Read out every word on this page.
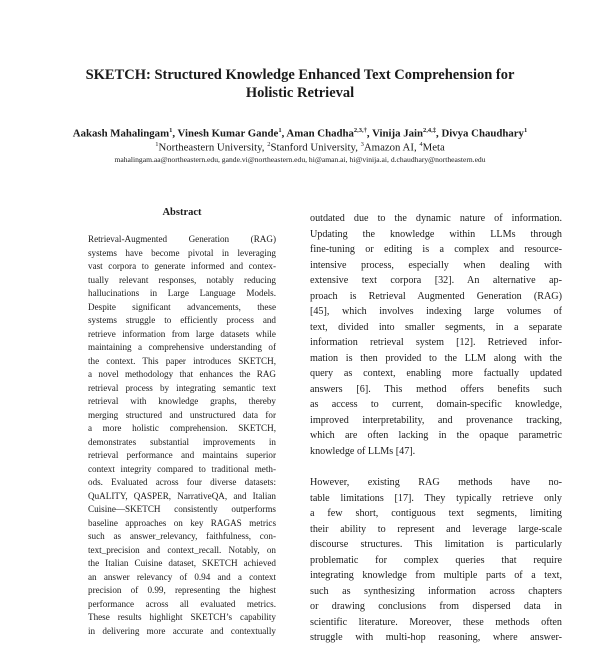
SKETCH: Structured Knowledge Enhanced Text Comprehension for
Holistic Retrieval
Aakash Mahalingam$^1$, Vinesh Kumar Gande$^1$, Aman Chadha$^{2,3,\dagger}$, Vinija Jain$^{2,4,\ddagger}$, Divya Chaudhary$^1$
$^1$Northeastern University, $^2$Stanford University, $^3$Amazon AI, $^4$Meta
mahalingam.aa@northeastern.edu, gande.vi@northeastern.edu, hi@aman.ai, hi@vinija.ai, d.chaudhary@northeastern.edu
Abstract
Retrieval-Augmented Generation (RAG)
systems have become pivotal in leveraging
vast corpora to generate informed and contex-
tually relevant responses, notably reducing
hallucinations in Large Language Models.
Despite significant advancements, these
systems struggle to efficiently process and
retrieve information from large datasets while
maintaining a comprehensive understanding of
the context. This paper introduces SKETCH,
a novel methodology that enhances the RAG
retrieval process by integrating semantic text
retrieval with knowledge graphs, thereby
merging structured and unstructured data for
a more holistic comprehension. SKETCH,
demonstrates substantial improvements in
retrieval performance and maintains superior
context integrity compared to traditional meth-
ods. Evaluated across four diverse datasets:
QuALITY, QASPER, NarrativeQA, and Italian
Cuisine—SKETCH consistently outperforms
baseline approaches on key RAGAS metrics
such as answer_relevancy, faithfulness, con-
text_precision and context_recall. Notably, on
the Italian Cuisine dataset, SKETCH achieved
an answer relevancy of 0.94 and a context
precision of 0.99, representing the highest
performance across all evaluated metrics.
These results highlight SKETCH’s capability
in delivering more accurate and contextually
outdated due to the dynamic nature of information.
Updating the knowledge within LLMs through
fine-tuning or editing is a complex and resource-
intensive process, especially when dealing with
extensive text corpora [32]. An alternative ap-
proach is Retrieval Augmented Generation (RAG)
[45], which involves indexing large volumes of
text, divided into smaller segments, in a separate
information retrieval system [12]. Retrieved infor-
mation is then provided to the LLM along with the
query as context, enabling more factually updated
answers [6]. This method offers benefits such
as access to current, domain-specific knowledge,
improved interpretability, and provenance tracking,
which are often lacking in the opaque parametric
knowledge of LLMs [47].
However, existing RAG methods have no-
table limitations [17]. They typically retrieve only
a few short, contiguous text segments, limiting
their ability to represent and leverage large-scale
discourse structures. This limitation is particularly
problematic for complex queries that require
integrating knowledge from multiple parts of a text,
such as synthesizing information across chapters
or drawing conclusions from dispersed data in
scientific literature. Moreover, these methods often
struggle with multi-hop reasoning, where answer-
